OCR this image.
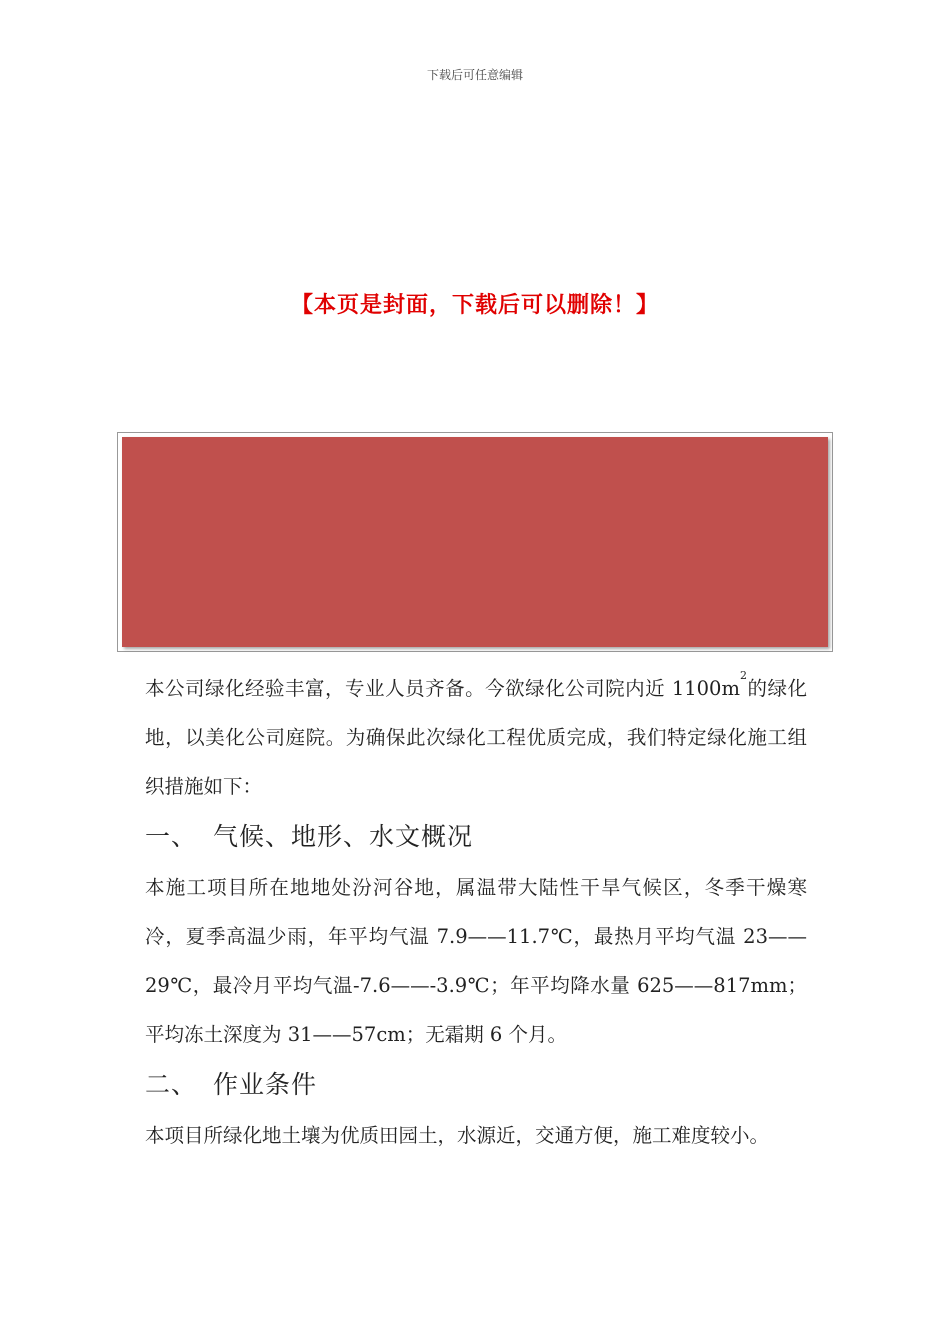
下载后可任意编辑
【本页是封面，下载后可以删除！】

本公司绿化经验丰富，专业人员齐备。今欲绿化公司院内近 $1100m^2$的绿化地，以美化公司庭院。为确保此次绿化工程优质完成，我们特定绿化施工组织措施如下：

一、 气候、地形、水文概况

本施工项目所在地地处汾河谷地，属温带大陆性干旱气候区，冬季干燥寒冷，夏季高温少雨，年平均气温 7.9——11.7℃，最热月平均气温 23——29℃，最冷月平均气温-7.6——-3.9℃；年平均降水量 625——817mm；平均冻土深度为 31——57cm；无霜期 6 个月。

二、 作业条件

本项目所绿化地土壤为优质田园土，水源近，交通方便，施工难度较小。
